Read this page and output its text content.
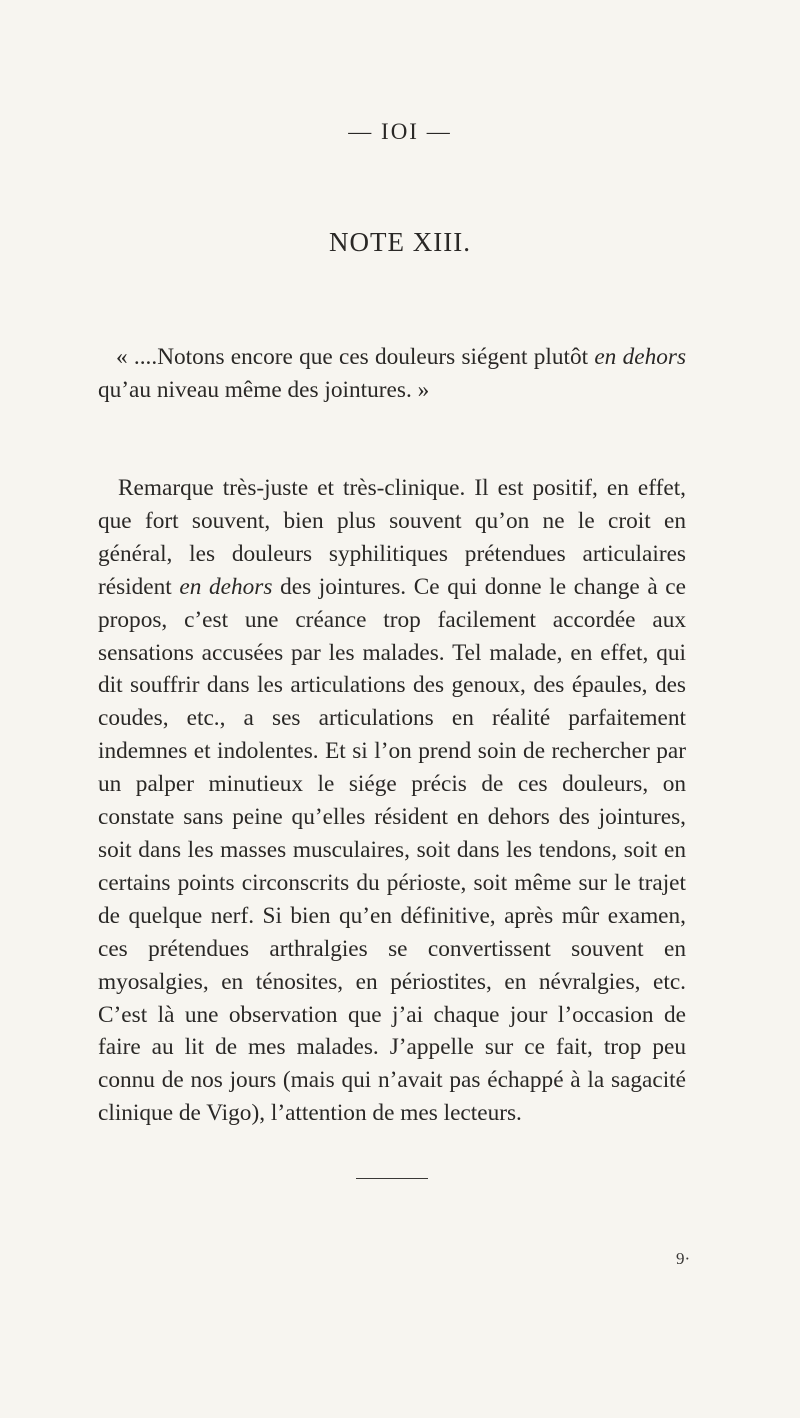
— IOI —
NOTE XIII.

« ....Notons encore que ces douleurs siégent plutôt en dehors qu’au niveau même des jointures. »

Remarque très-juste et très-clinique. Il est positif, en effet, que fort souvent, bien plus souvent qu’on ne le croit en général, les douleurs syphilitiques prétendues articulaires résident en dehors des jointures. Ce qui donne le change à ce propos, c’est une créance trop facilement accordée aux sensations accusées par les malades. Tel malade, en effet, qui dit souffrir dans les articulations des genoux, des épaules, des coudes, etc., a ses articulations en réalité parfaitement indemnes et indolentes. Et si l’on prend soin de rechercher par un palper minutieux le siége précis de ces douleurs, on constate sans peine qu’elles résident en dehors des jointures, soit dans les masses musculaires, soit dans les tendons, soit en certains points circonscrits du périoste, soit même sur le trajet de quelque nerf. Si bien qu’en définitive, après mûr examen, ces prétendues arthralgies se convertissent souvent en myosalgies, en ténosites, en périostites, en névralgies, etc. C’est là une observation que j’ai chaque jour l’occasion de faire au lit de mes malades. J’appelle sur ce fait, trop peu connu de nos jours (mais qui n’avait pas échappé à la sagacité clinique de Vigo), l’attention de mes lecteurs.

9·
